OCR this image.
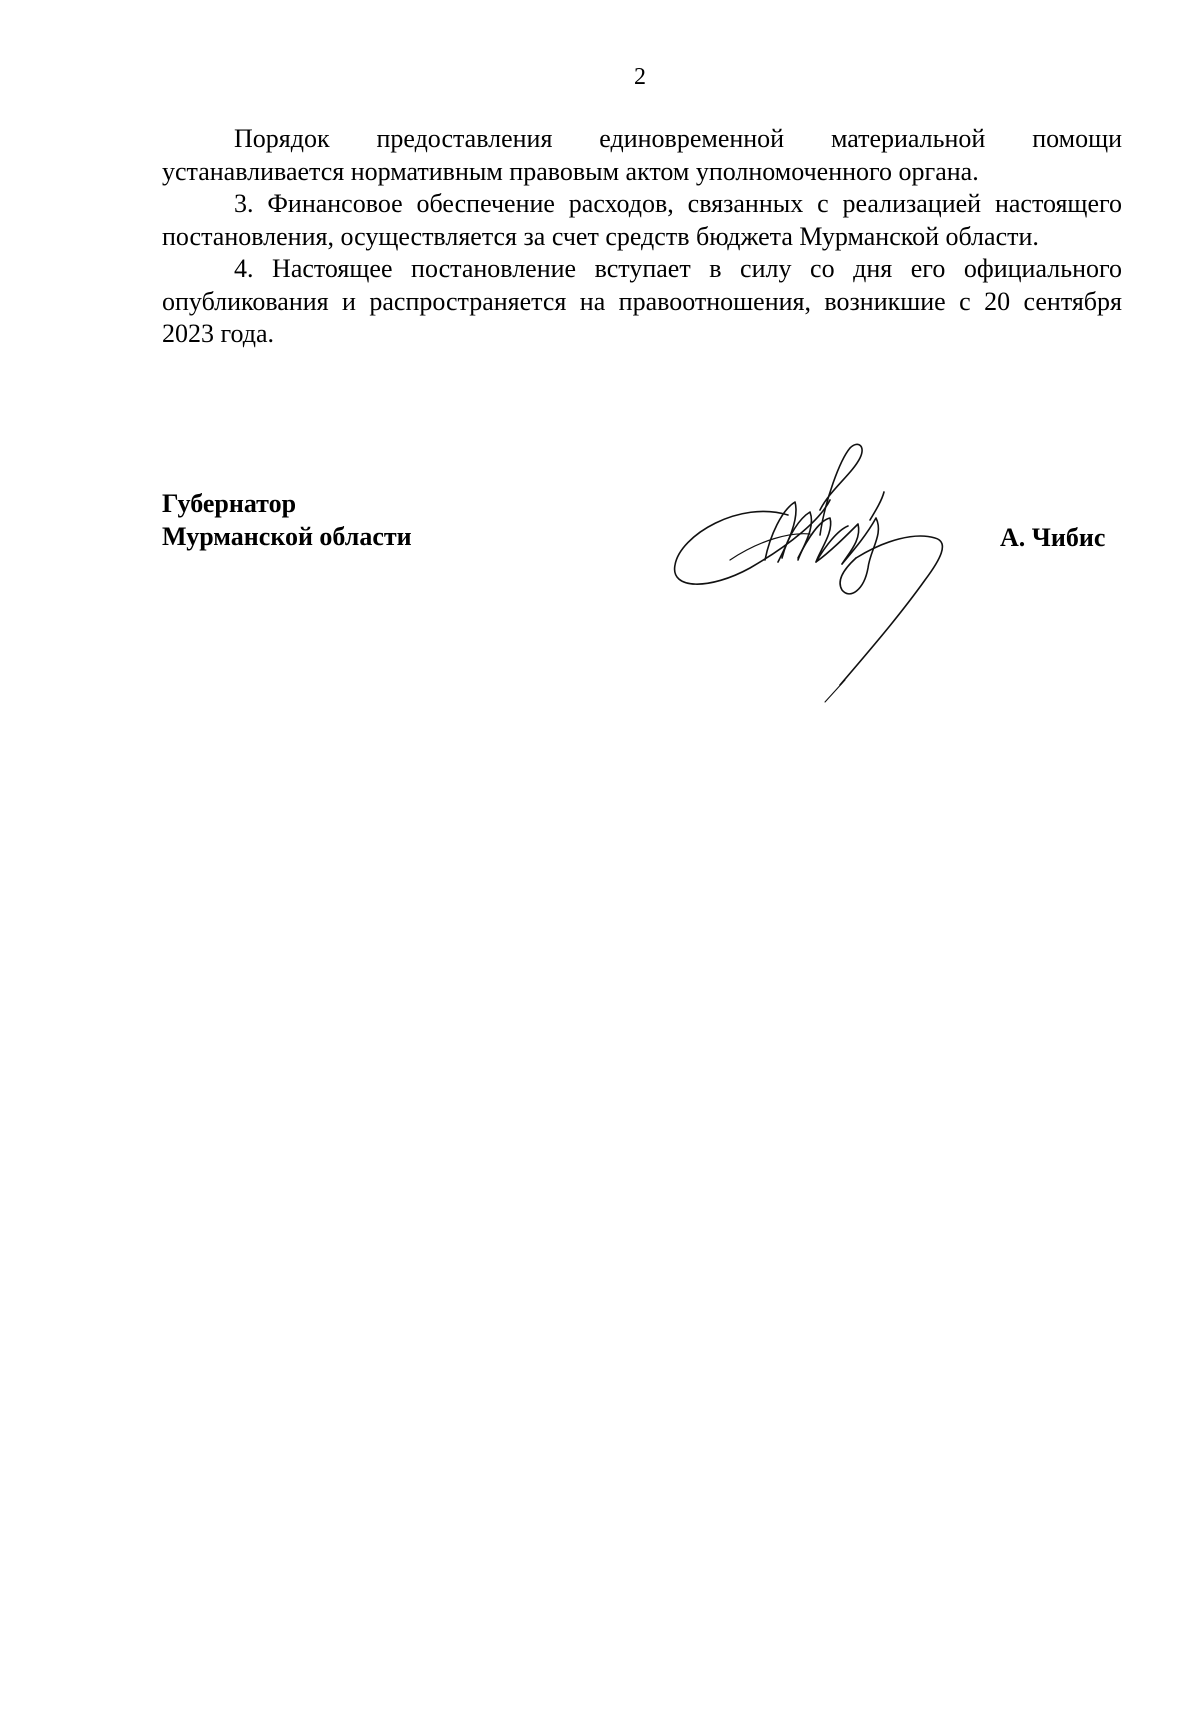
2

Порядок предоставления единовременной материальной помощи устанавливается нормативным правовым актом уполномоченного органа.

3. Финансовое обеспечение расходов, связанных с реализацией настоящего постановления, осуществляется за счет средств бюджета Мурманской области.

4. Настоящее постановление вступает в силу со дня его официального опубликования и распространяется на правоотношения, возникшие с 20 сентября 2023 года.

Губернатор
Мурманской области	А. Чибис
